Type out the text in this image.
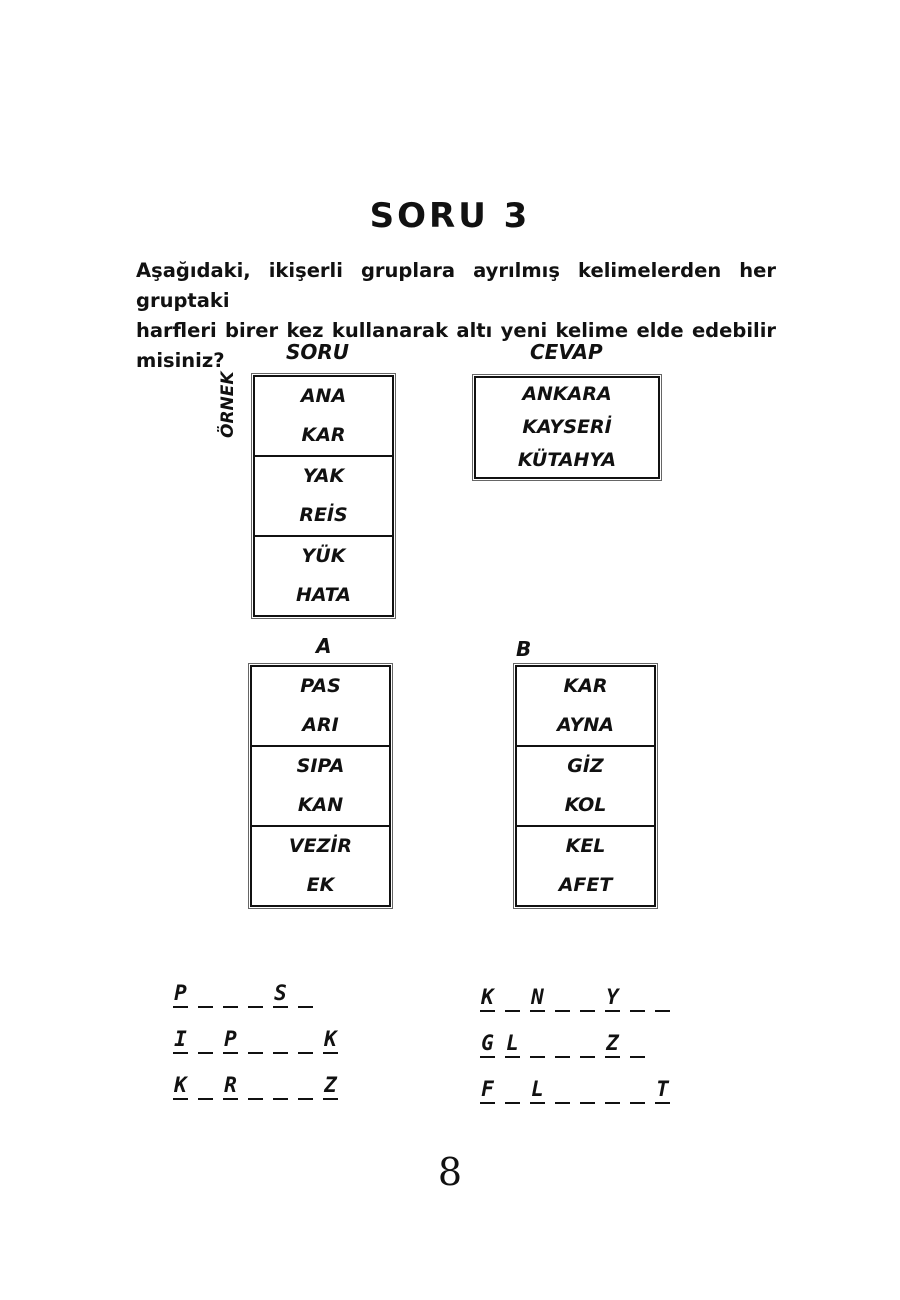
SORU 3
Aşağıdaki, ikişerli gruplara ayrılmış kelimelerden her gruptaki
harfleri birer kez kullanarak altı yeni kelime elde edebilir misiniz?	SORU	CEVAP
ÖRNEK	ANA
KAR
YAK
REİS
YÜK
HATA
ANKARA
KAYSERİ
KÜTAHYA
A
PAS
ARI
SIPA
KAN
VEZİR
EK
B
KAR
AYNA
GİZ
KOL
KEL
AFET
P	S
I P	K
K R	Z
K N	Y
G L	Z
F L	T
8
